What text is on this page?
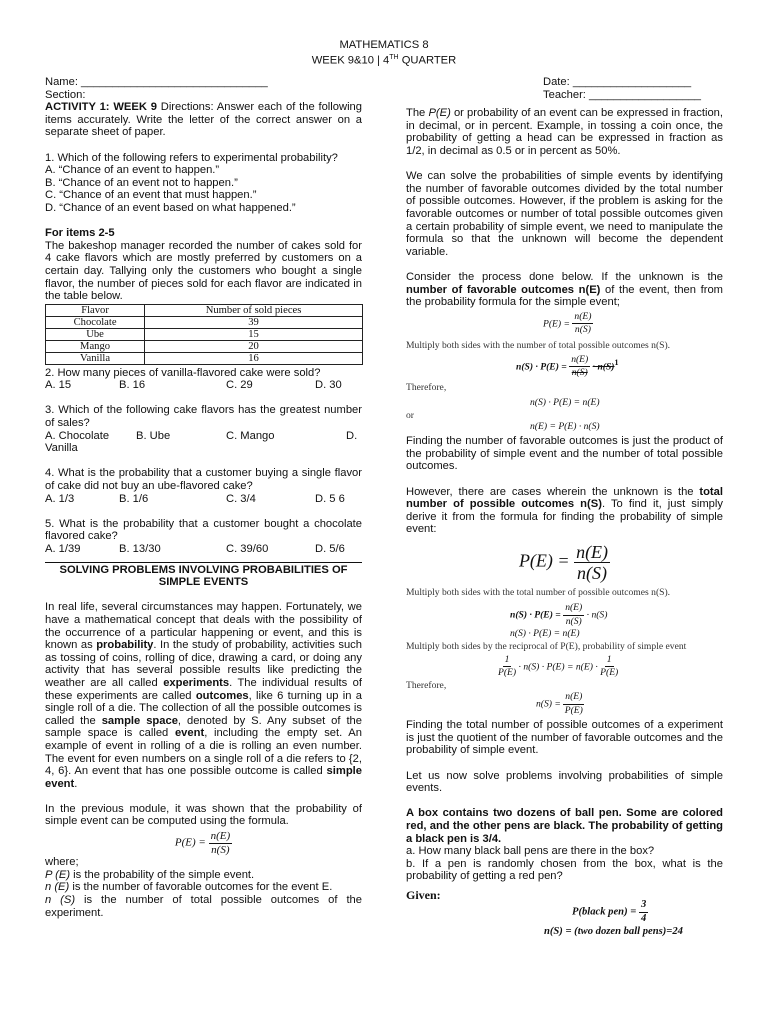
MATHEMATICS 8
WEEK 9&10 | 4TH QUARTER

Name: ______________________________

Section:

ACTIVITY 1: WEEK 9 Directions: Answer each of the following items accurately. Write the letter of the correct answer on a separate sheet of paper.

1. Which of the following refers to experimental probability?

A. “Chance of an event to happen.”

B. “Chance of an event not to happen.”

C. “Chance of an event that must happen.”

D. “Chance of an event based on what happened.”

For items 2-5

The bakeshop manager recorded the number of cakes sold for 4 cake flavors which are mostly preferred by customers on a certain day. Tallying only the customers who bought a single flavor, the number of pieces sold for each flavor are indicated in the table below.

Flavor	Number of sold pieces
Chocolate	39
Ube	15
Mango	20
Vanilla	16

2. How many pieces of vanilla-flavored cake were sold?

A. 15	B. 16	C. 29	D. 30

3. Which of the following cake flavors has the greatest number of sales?

A. Chocolate	B. Ube	C. Mango	D.

Vanilla

4. What is the probability that a customer buying a single flavor of cake did not buy an ube-flavored cake?

A. 1/3	B. 1/6	C. 3/4	D. 5 6

5. What is the probability that a customer bought a chocolate flavored cake?

A. 1/39	B. 13/30	C. 39/60	D. 5/6
SOLVING PROBLEMS INVOLVING PROBABILITIES OF SIMPLE EVENTS

In real life, several circumstances may happen. Fortunately, we have a mathematical concept that deals with the possibility of the occurrence of a particular happening or event, and this is known as probability. In the study of probability, activities such as tossing of coins, rolling of dice, drawing a card, or doing any activity that has several possible results like predicting the weather are all called experiments. The individual results of these experiments are called outcomes, like 6 turning up in a single roll of a die. The collection of all the possible outcomes is called the sample space, denoted by S. Any subset of the sample space is called event, including the empty set. An example of event in rolling of a die is rolling an even number. The event for even numbers on a single roll of a die refers to {2, 4, 6}. An event that has one possible outcome is called simple event.

In the previous module, it was shown that the probability of simple event can be computed using the formula.

$P(E) = \frac{n(E)}{n(S)}$

where;

P (E) is the probability of the simple event.

n (E) is the number of favorable outcomes for the event E.

n (S) is the number of total possible outcomes of the experiment.

Date: ___________________

Teacher: __________________

The P(E) or probability of an event can be expressed in fraction, in decimal, or in percent. Example, in tossing a coin once, the probability of getting a head can be expressed in fraction as 1/2, in decimal as 0.5 or in percent as 50%.

We can solve the probabilities of simple events by identifying the number of favorable outcomes divided by the total number of possible outcomes. However, if the problem is asking for the favorable outcomes or number of total possible outcomes given a certain probability of simple event, we need to manipulate the formula so that the unknown will become the dependent variable.

Consider the process done below. If the unknown is the number of favorable outcomes n(E) of the event, then from the probability formula for the simple event;

$P(E) = \frac{n(E)}{n(S)}$

Multiply both sides with the number of total possible outcomes n(S).

$n(S) \cdot P(E) = \frac{n(E)}{n(S)} \cdot n(S)^1$

Therefore,

n(S) · P(E) = n(E)

or

n(E) = P(E) · n(S)

Finding the number of favorable outcomes is just the product of the probability of simple event and the number of total possible outcomes.

However, there are cases wherein the unknown is the total number of possible outcomes n(S). To find it, just simply derive it from the formula for finding the probability of simple event:

$P(E) = \frac{n(E)}{n(S)}$

Multiply both sides with the total number of possible outcomes n(S).

$n(S) \cdot P(E) = \frac{n(E)}{n(S)} \cdot n(S)$
n(S) · P(E) = n(E)

Multiply both sides by the reciprocal of P(E), probability of simple event

$\frac{1}{P(E)} \cdot n(S) \cdot P(E) = n(E) \cdot \frac{1}{P(E)}$

Therefore,

$n(S) = \frac{n(E)}{P(E)}$

Finding the total number of possible outcomes of a experiment is just the quotient of the number of favorable outcomes and the probability of simple event.

Let us now solve problems involving probabilities of simple events.

A box contains two dozens of ball pen. Some are colored red, and the other pens are black. The probability of getting a black pen is 3/4.

a. How many black ball pens are there in the box?

b. If a pen is randomly chosen from the box, what is the probability of getting a red pen?

Given:

P(black $pen) = \frac{3}{4}$
n(S) = (two dozen ball pens)=24
